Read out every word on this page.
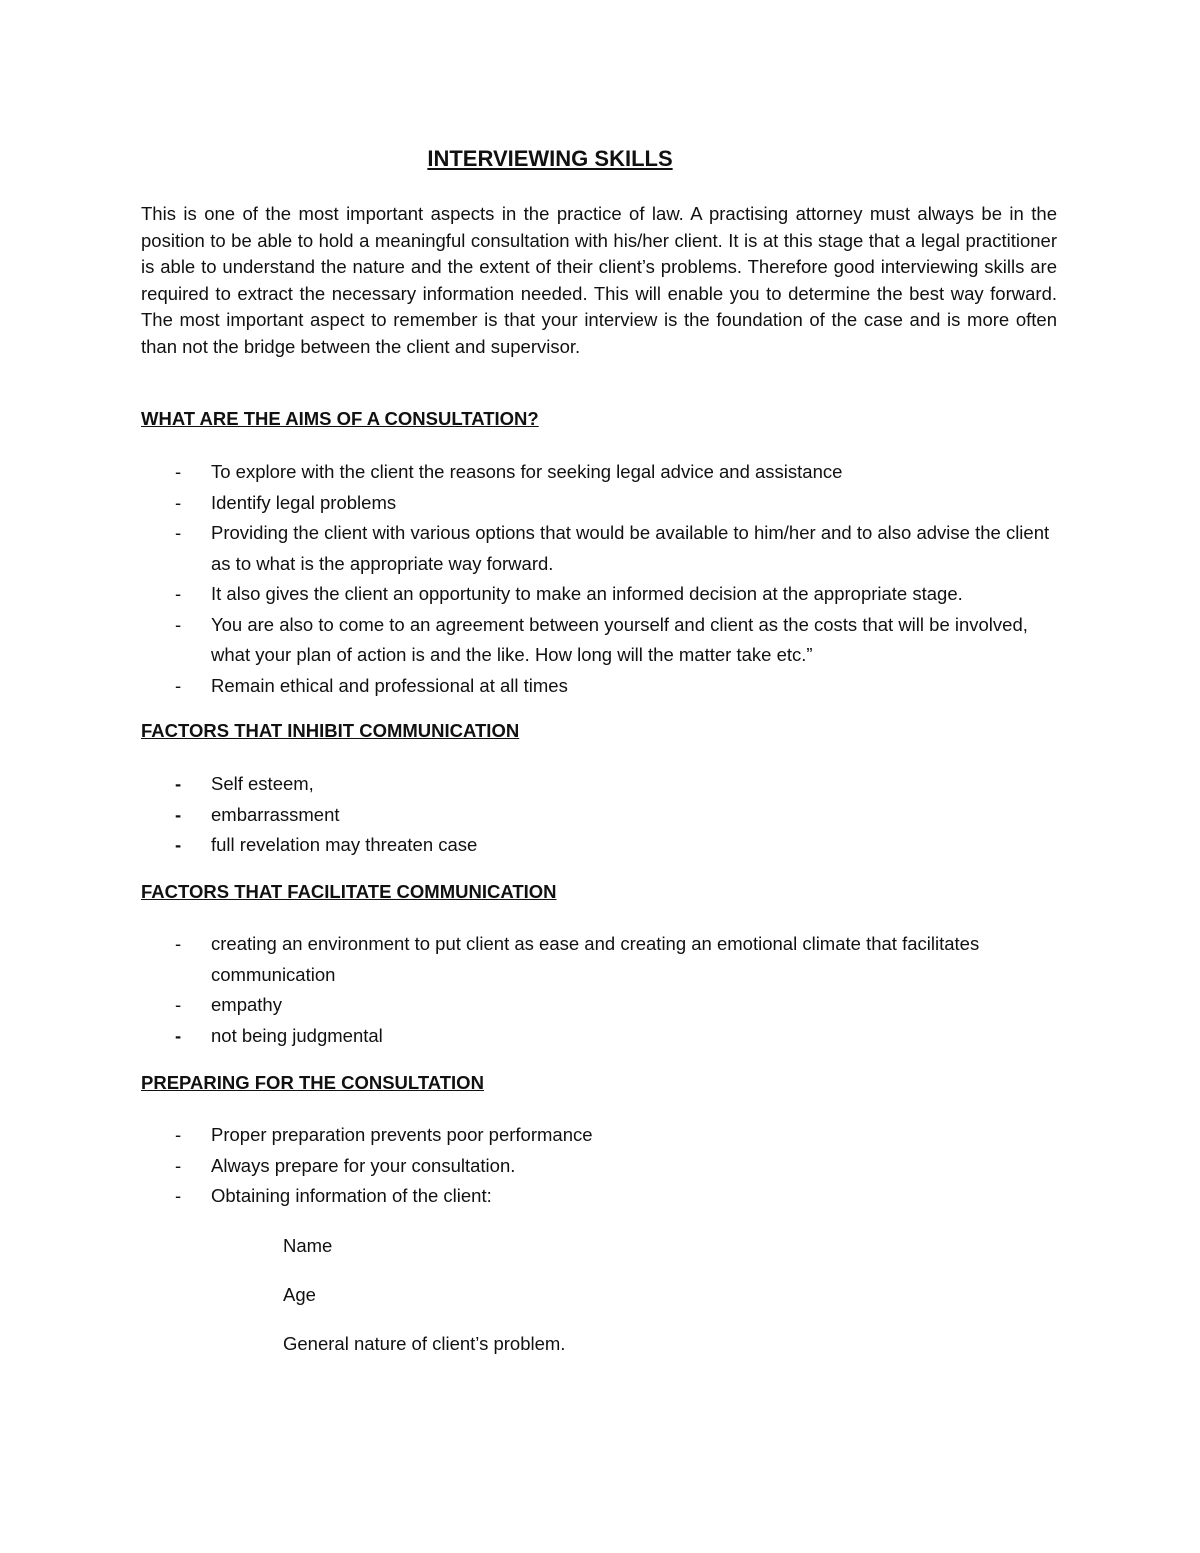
INTERVIEWING SKILLS

This is one of the most important aspects in the practice of law. A practising attorney must always be in the position to be able to hold a meaningful consultation with his/her client. It is at this stage that a legal practitioner is able to understand the nature and the extent of their client’s problems. Therefore good interviewing skills are required to extract the necessary information needed. This will enable you to determine the best way forward. The most important aspect to remember is that your interview is the foundation of the case and is more often than not the bridge between the client and supervisor.

WHAT ARE THE AIMS OF A CONSULTATION?
- To explore with the client the reasons for seeking legal advice and assistance
- Identify legal problems
- Providing the client with various options that would be available to him/her and to also advise the client as to what is the appropriate way forward.
- It also gives the client an opportunity to make an informed decision at the appropriate stage.
- You are also to come to an agreement between yourself and client as the costs that will be involved, what your plan of action is and the like. How long will the matter take etc.”
- Remain ethical and professional at all times
FACTORS THAT INHIBIT COMMUNICATION
- Self esteem,
- embarrassment
- full revelation may threaten case
FACTORS THAT FACILITATE COMMUNICATION
- creating an environment to put client as ease and creating an emotional climate that facilitates communication
- empathy
- not being judgmental
PREPARING FOR THE CONSULTATION
- Proper preparation prevents poor performance
- Always prepare for your consultation.
- Obtaining information of the client:

Name

Age

General nature of client’s problem.
